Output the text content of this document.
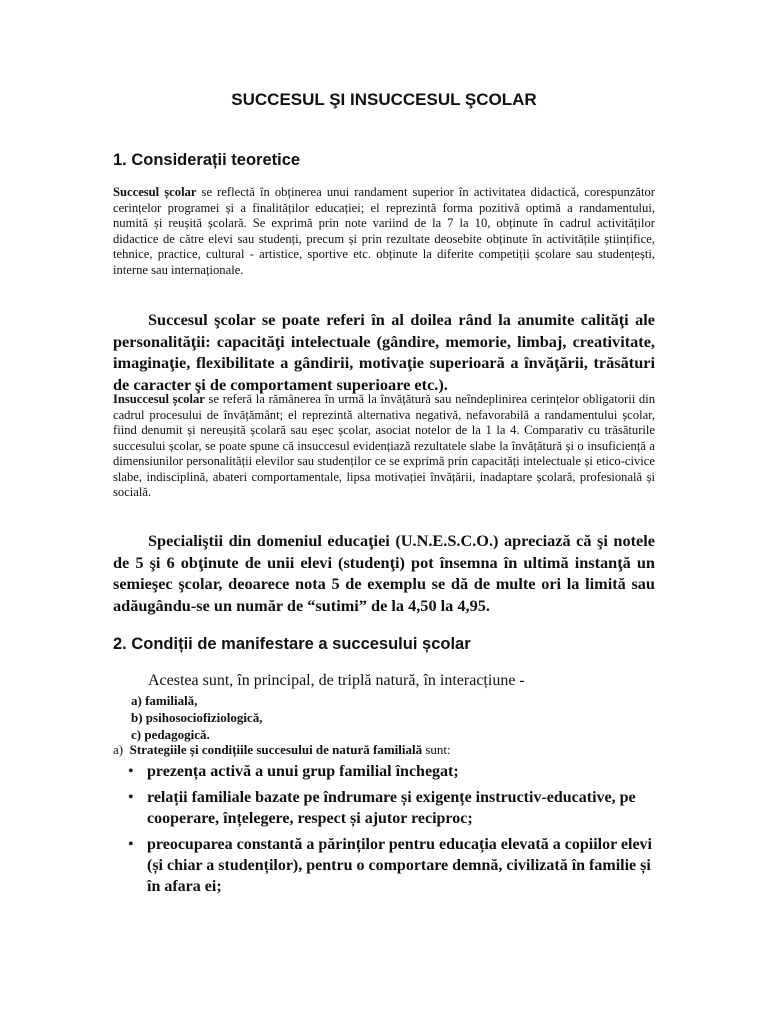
SUCCESUL ŞI INSUCCESUL ŞCOLAR
1. Considerații teoretice

Succesul școlar se reflectă în obținerea unui randament superior în activitatea didactică, corespunzător cerințelor programei și a finalităților educației; el reprezintă forma pozitivă optimă a randamentului, numită și reușită școlară. Se exprimă prin note variind de la 7 la 10, obținute în cadrul activităților didactice de către elevi sau studenți, precum și prin rezultate deosebite obținute în activitățile științifice, tehnice, practice, cultural - artistice, sportive etc. obținute la diferite competiții școlare sau studențești, interne sau internaționale.

Succesul şcolar se poate referi în al doilea rând la anumite calităţi ale personalităţii: capacităţi intelectuale (gândire, memorie, limbaj, creativitate, imaginaţie, flexibilitate a gândirii, motivaţie superioară a învăţării, trăsături de caracter şi de comportament superioare etc.).

Insuccesul școlar se referă la rămânerea în urmă la învățătură sau neîndeplinirea cerințelor obligatorii din cadrul procesului de învățământ; el reprezintă alternativa negativă, nefavorabilă a randamentului școlar, fiind denumit și nereușită școlară sau eșec școlar, asociat notelor de la 1 la 4. Comparativ cu trăsăturile succesului școlar, se poate spune că insuccesul evidențiază rezultatele slabe la învățătură și o insuficiență a dimensiunilor personalității elevilor sau studenților ce se exprimă prin capacități intelectuale și etico-civice slabe, indisciplină, abateri comportamentale, lipsa motivației învățării, inadaptare școlară, profesională și socială.

Specialiştii din domeniul educaţiei (U.N.E.S.C.O.) apreciază că şi notele de 5 şi 6 obţinute de unii elevi (studenţi) pot însemna în ultimă instanţă un semieşec şcolar, deoarece nota 5 de exemplu se dă de multe ori la limită sau adăugându-se un număr de “sutimi” de la 4,50 la 4,95.

2. Condiții de manifestare a succesului școlar

Acestea sunt, în principal, de triplă natură, în interacțiune -

a) familială,
b) psihosociofiziologică,
c) pedagogică.

a) Strategiile și condițiile succesului de natură familială sunt:

• prezența activă a unui grup familial închegat;
• relații familiale bazate pe îndrumare și exigențe instructiv-educative, pe cooperare, înțelegere, respect și ajutor reciproc;
• preocuparea constantă a părinților pentru educația elevată a copiilor elevi (și chiar a studenților), pentru o comportare demnă, civilizată în familie și în afara ei;
